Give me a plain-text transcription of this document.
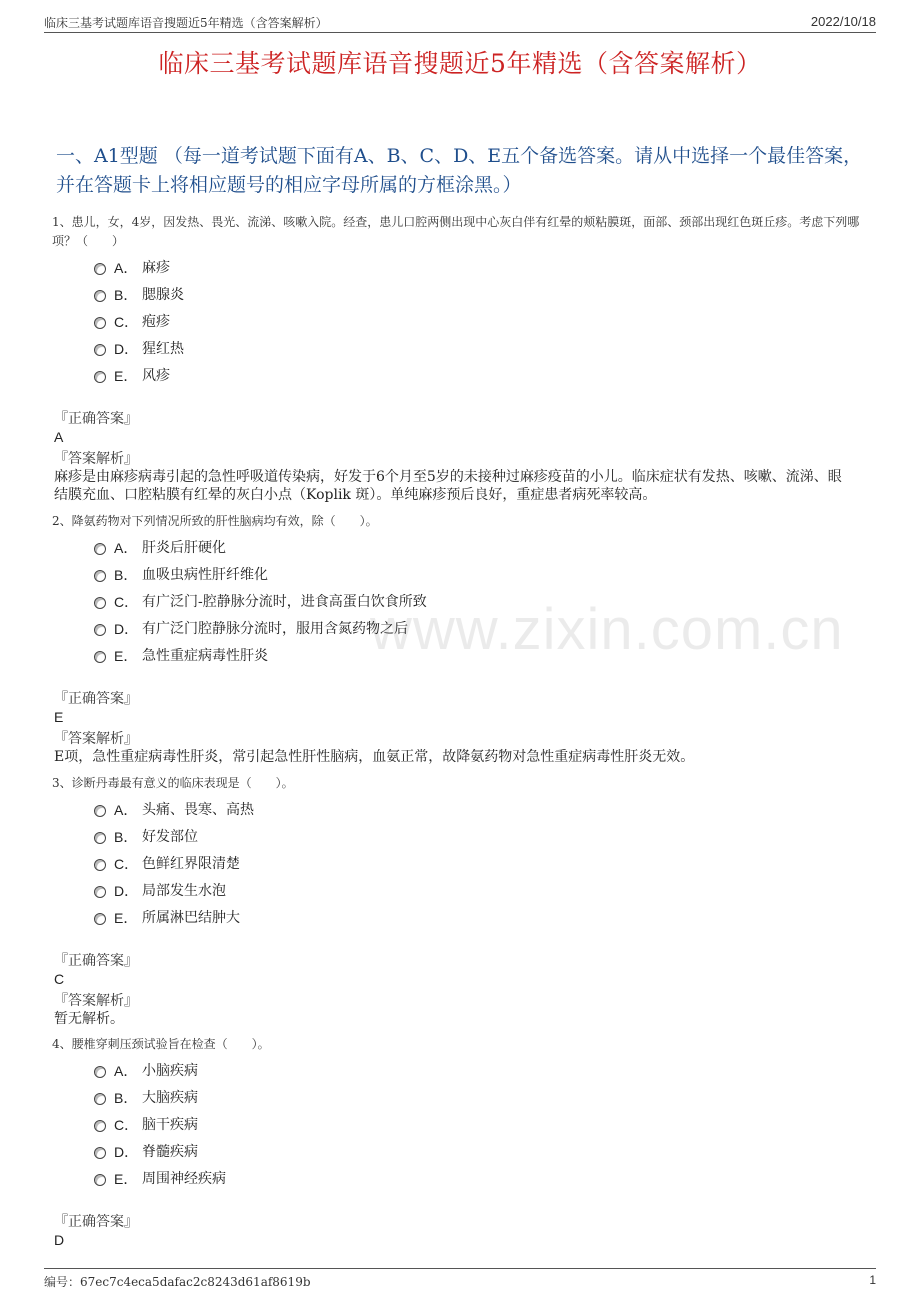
临床三基考试题库语音搜题近5年精选（含答案解析）	2022/10/18
临床三基考试题库语音搜题近5年精选（含答案解析）
一、A1型题 （每一道考试题下面有A、B、C、D、E五个备选答案。请从中选择一个最佳答案，并在答题卡上将相应题号的相应字母所属的方框涂黑。）
www.zixin.com.cn
1、患儿，女，4岁，因发热、畏光、流涕、咳嗽入院。经查，患儿口腔两侧出现中心灰白伴有红晕的颊粘膜斑，面部、颈部出现红色斑丘疹。考虑下列哪项？（　　）
A． 麻疹
B． 腮腺炎
C． 疱疹
D． 猩红热
E． 风疹
『正确答案』
A
『答案解析』
麻疹是由麻疹病毒引起的急性呼吸道传染病，好发于6个月至5岁的未接种过麻疹疫苗的小儿。临床症状有发热、咳嗽、流涕、眼结膜充血、口腔粘膜有红晕的灰白小点（Koplik 斑）。单纯麻疹预后良好，重症患者病死率较高。
2、降氨药物对下列情况所致的肝性脑病均有效，除（　　）。
A． 肝炎后肝硬化
B． 血吸虫病性肝纤维化
C． 有广泛门-腔静脉分流时，进食高蛋白饮食所致
D． 有广泛门腔静脉分流时，服用含氮药物之后
E． 急性重症病毒性肝炎
『正确答案』
E
『答案解析』
E项，急性重症病毒性肝炎，常引起急性肝性脑病，血氨正常，故降氨药物对急性重症病毒性肝炎无效。
3、诊断丹毒最有意义的临床表现是（　　）。
A． 头痛、畏寒、高热
B． 好发部位
C． 色鲜红界限清楚
D． 局部发生水泡
E． 所属淋巴结肿大
『正确答案』
C
『答案解析』
暂无解析。
4、腰椎穿刺压颈试验旨在检查（　　）。
A． 小脑疾病
B． 大脑疾病
C． 脑干疾病
D． 脊髓疾病
E． 周围神经疾病
『正确答案』
D
编号：67ec7c4eca5dafac2c8243d61af8619b	1
